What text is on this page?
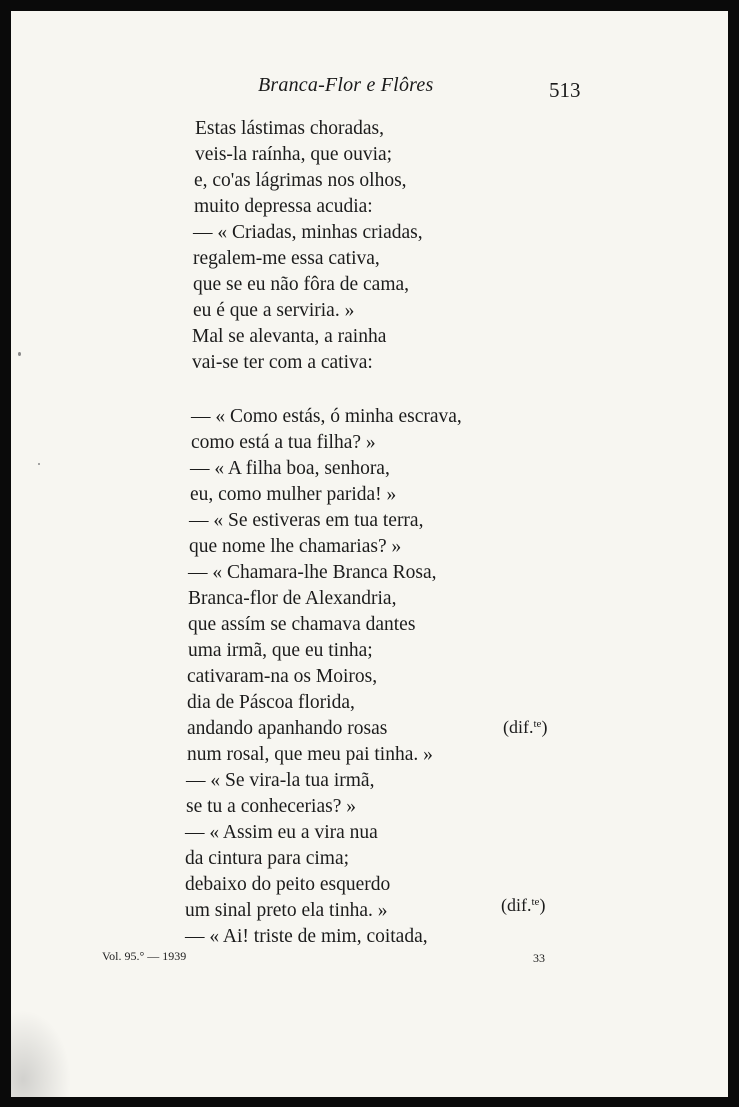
Branca-Flor e Flôres	513
Estas lástimas choradas,
veis-la raínha, que ouvia;
e, co'as lágrimas nos olhos,
muito depressa acudia:
— « Criadas, minhas criadas,
regalem-me essa cativa,
que se eu não fôra de cama,
eu é que a serviria. »
Mal se alevanta, a rainha
vai-se ter com a cativa:
— « Como estás, ó minha escrava,
como está a tua filha? »
— « A filha boa, senhora,
eu, como mulher parida! »
— « Se estiveras em tua terra,
que nome lhe chamarias? »
— « Chamara-lhe Branca Rosa,
Branca-flor de Alexandria,
que assím se chamava dantes
uma irmã, que eu tinha;
cativaram-na os Moiros,
dia de Páscoa florida,
andando apanhando rosas
num rosal, que meu pai tinha. »
— « Se vira-la tua irmã,
se tu a conhecerias? »
— « Assim eu a vira nua
da cintura para cima;
debaixo do peito esquerdo
um sinal preto ela tinha. »
— « Ai! triste de mim, coitada,
(dif.$^{te}$)
(dif.$^{te}$)
Vol. 95.° — 1939	33
